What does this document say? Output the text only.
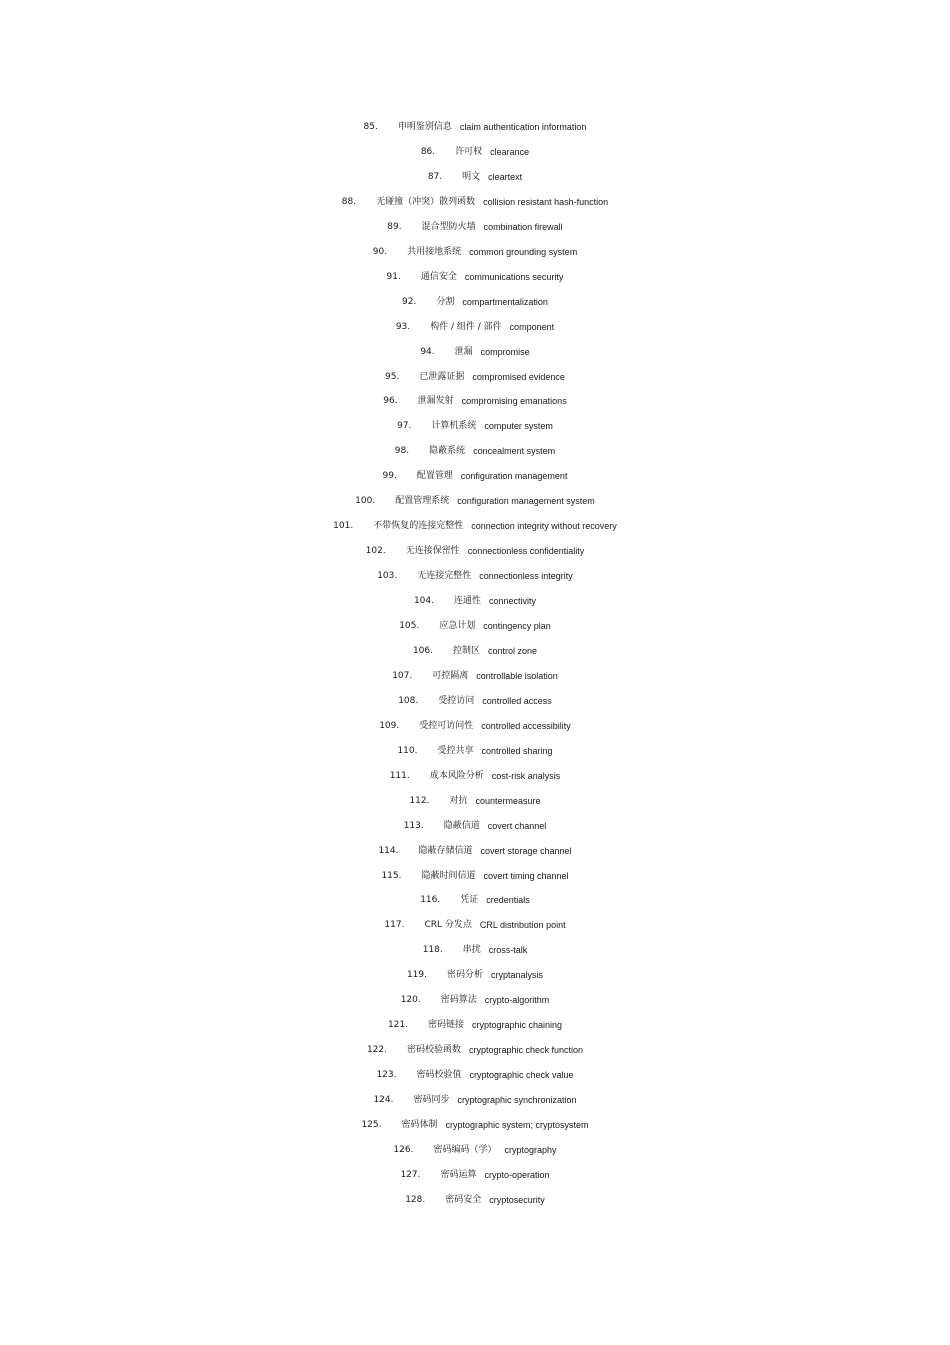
85. 申明鉴别信息 claim authentication information
86. 许可权 clearance
87. 明文 cleartext
88. 无碰撞（冲突）散列函数 collision resistant hash-function
89. 混合型防火墙 combination firewall
90. 共用接地系统 common grounding system
91. 通信安全 communications security
92. 分割 compartmentalization
93. 构件 / 组件 / 部件 component
94. 泄漏 compromise
95. 已泄露证据 compromised evidence
96. 泄漏发射 compromising emanations
97. 计算机系统 computer system
98. 隐蔽系统 concealment system
99. 配置管理 configuration management
100. 配置管理系统 configuration management system
101. 不带恢复的连接完整性 connection integrity without recovery
102. 无连接保密性 connectionless confidentiality
103. 无连接完整性 connectionless integrity
104. 连通性 connectivity
105. 应急计划 contingency plan
106. 控制区 control zone
107. 可控隔离 controllable isolation
108. 受控访问 controlled access
109. 受控可访问性 controlled accessibility
110. 受控共享 controlled sharing
111. 成本风险分析 cost-risk analysis
112. 对抗 countermeasure
113. 隐蔽信道 covert channel
114. 隐蔽存储信道 covert storage channel
115. 隐蔽时间信道 covert timing channel
116. 凭证 credentials
117. CRL 分发点 CRL distribution point
118. 串扰 cross-talk
119. 密码分析 cryptanalysis
120. 密码算法 crypto-algorithm
121. 密码链接 cryptographic chaining
122. 密码校验函数 cryptographic check function
123. 密码校验值 cryptographic check value
124. 密码同步 cryptographic synchronization
125. 密码体制 cryptographic system; cryptosystem
126. 密码编码（学） cryptography
127. 密码运算 crypto-operation
128. 密码安全 cryptosecurity
